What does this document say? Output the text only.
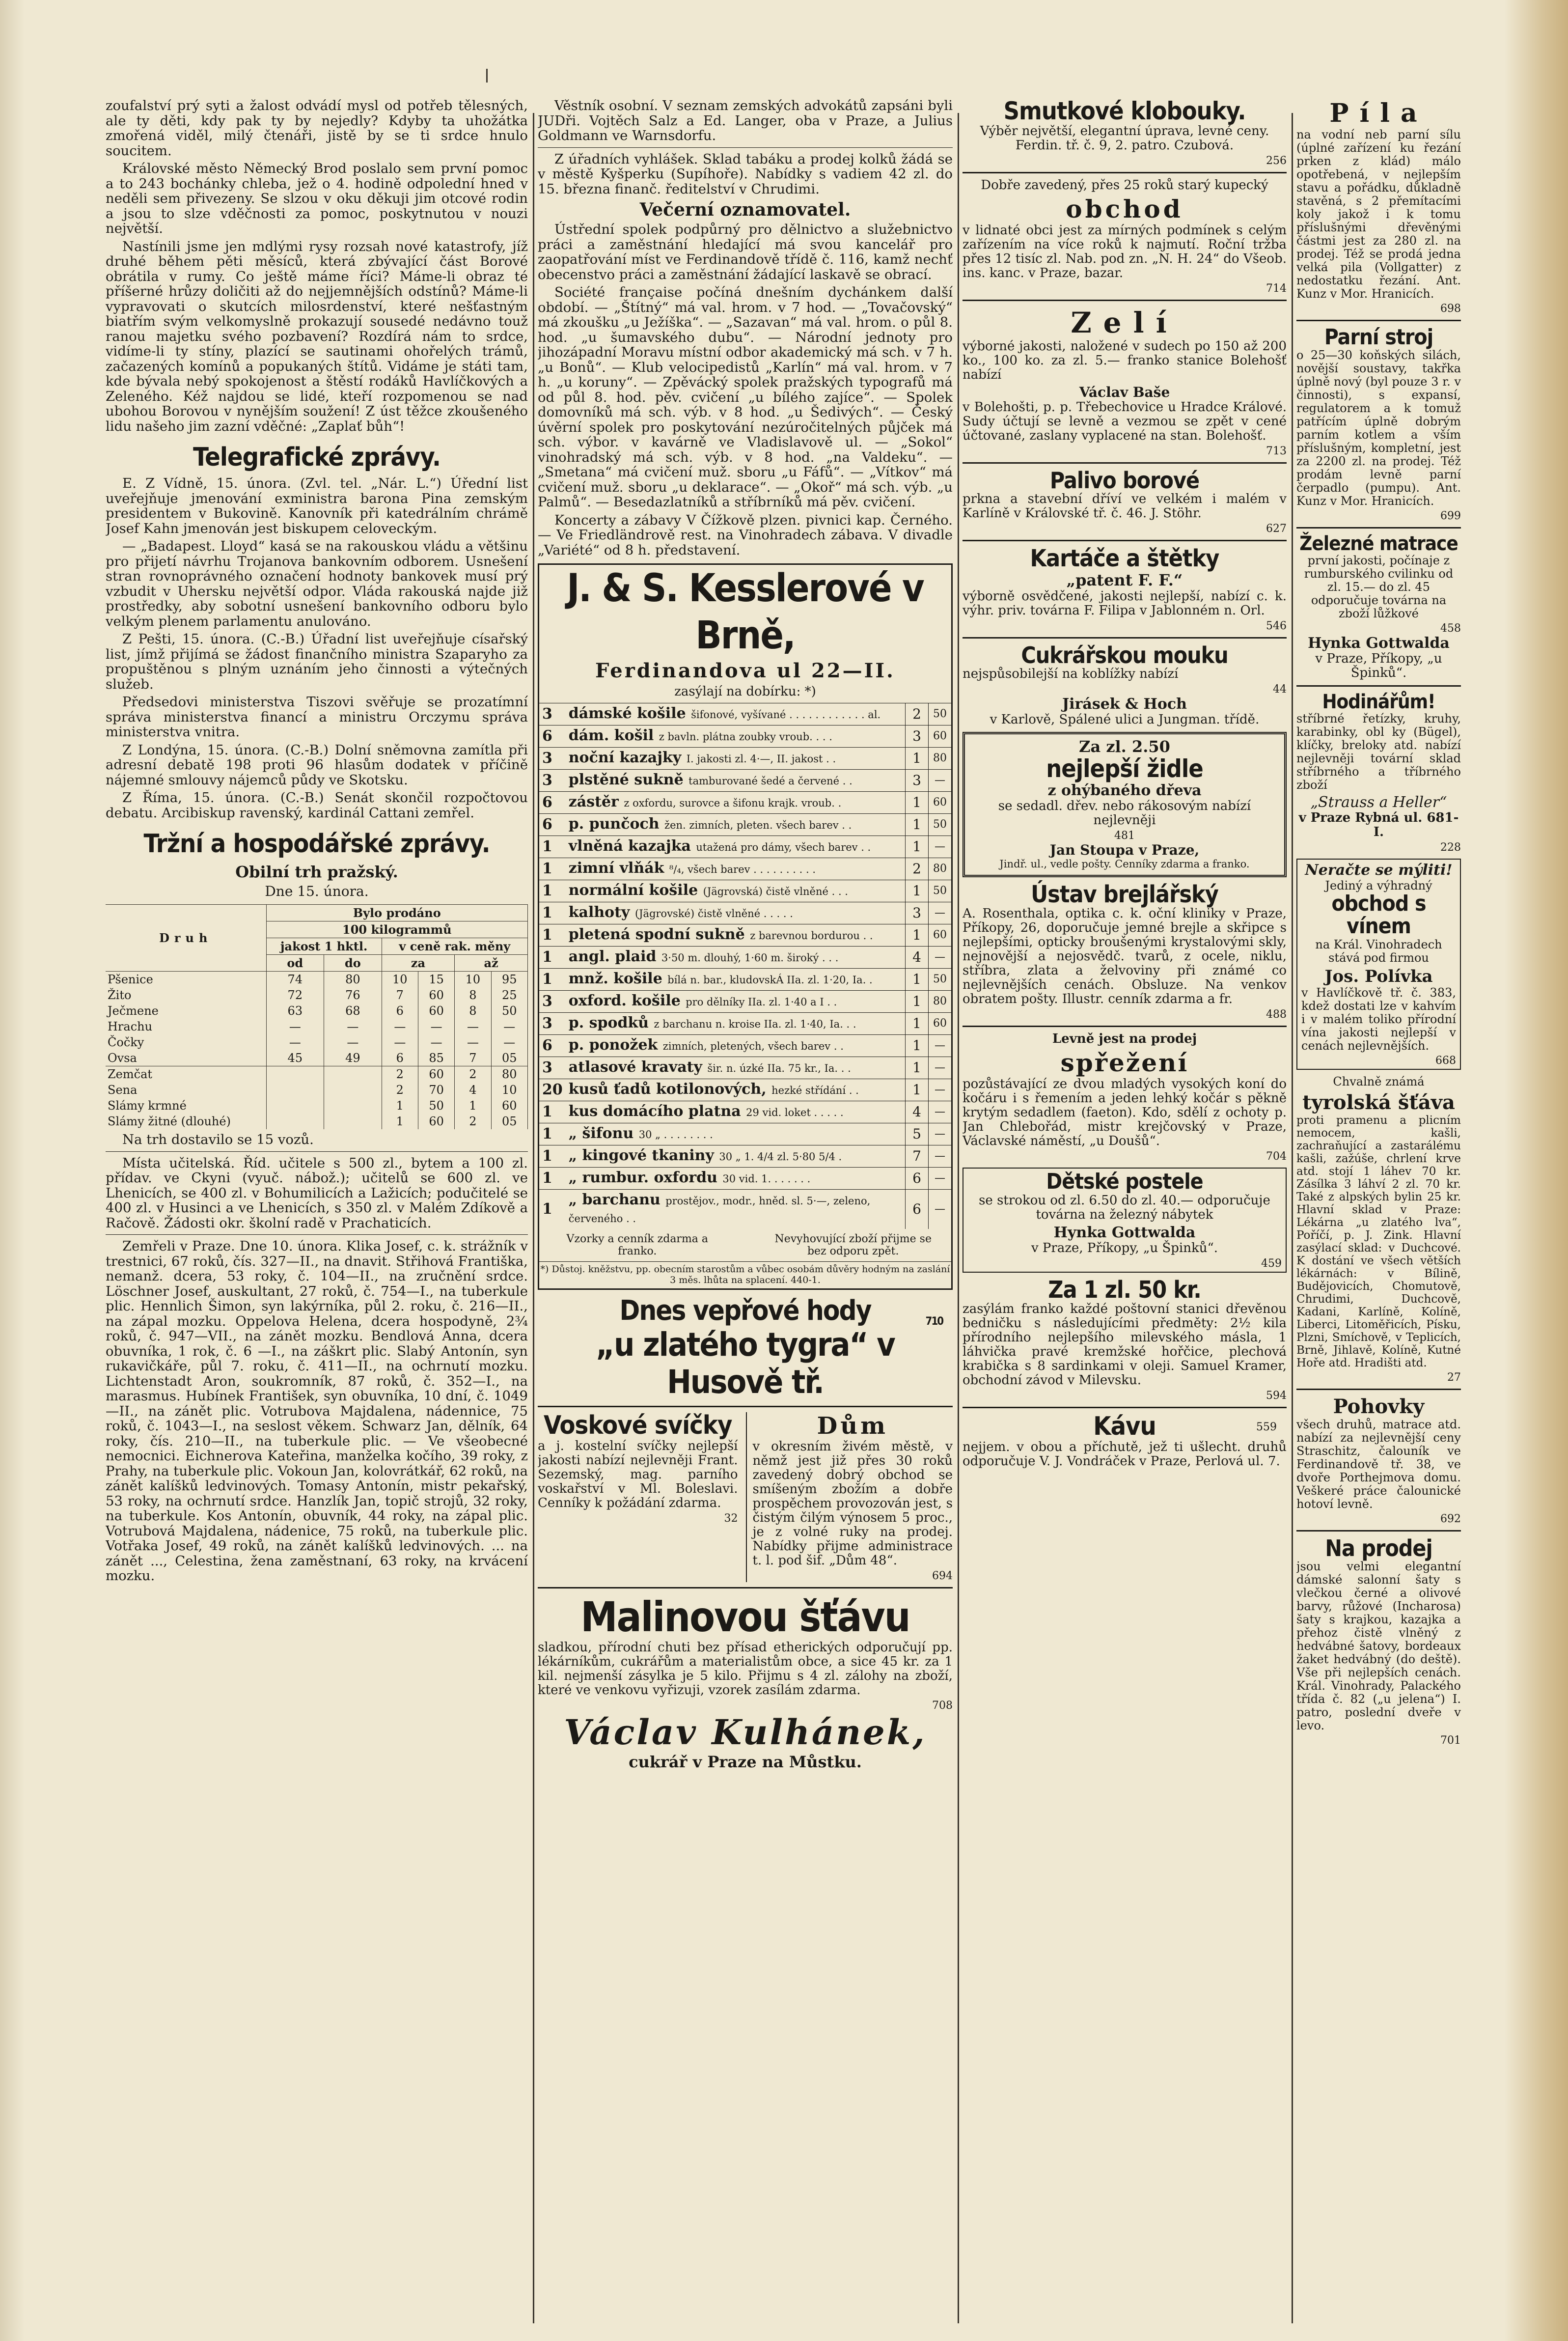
zoufalství prý syti a žalost odvádí mysl od potřeb tělesných, ale ty děti, kdy pak ty by nejedly? Kdyby ta uhožátka zmořená viděl, milý čtenáři, jistě by se ti srdce hnulo soucitem.

Královské město Německý Brod poslalo sem první pomoc a to 243 bochánky chleba, jež o 4. hodině odpolední hned v neděli sem přivezeny. Se slzou v oku děkuji jim otcové rodin a jsou to slze vděčnosti za pomoc, poskytnutou v nouzi největší.

Nastínili jsme jen mdlými rysy rozsah nové katastrofy, jíž druhé během pěti měsíců, která zbývající část Borové obrátila v rumy. Co ještě máme říci? Máme-li obraz té příšerné hrůzy doličiti až do nejjemnějších odstínů? Máme-li vypravovati o skutcích milosrdenství, které nešťastným biatřím svým velkomyslně prokazují sousedé nedávno touž ranou majetku svého pozbavení? Rozdírá nám to srdce, vidíme-li ty stíny, plazící se sautinami ohořelých trámů, začazených komínů a popukaných štítů. Vidáme je státi tam, kde bývala nebý spokojenost a štěstí rodáků Havlíčkových a Zeleného. Kéž najdou se lidé, kteří rozpomenou se nad ubohou Borovou v nynějším soužení! Z úst těžce zkoušeného lidu našeho jim zazní vděčné: „Zaplať bůh“!

Telegrafické zprávy.

E. Z Vídně, 15. února. (Zvl. tel. „Nár. L.“) Úřední list uveřejňuje jmenování exministra barona Pina zemským presidentem v Bukovině. Kanovník při katedrálním chrámě Josef Kahn jmenován jest biskupem celoveckým.

— „Badapest. Lloyd“ kasá se na rakouskou vládu a většinu pro přijetí návrhu Trojanova bankovním odborem. Usnešení stran rovnoprávného označení hodnoty bankovek musí prý vzbudit v Uhersku největší odpor. Vláda rakouská najde již prostředky, aby sobotní usnešení bankovního odboru bylo velkým plenem parlamentu anulováno.

Z Pešti, 15. února. (C.-B.) Úřadní list uveřejňuje císařský list, jímž přijímá se žádost finančního ministra Szaparyho za propuštěnou s plným uznáním jeho činnosti a výtečných služeb.

Předsedovi ministerstva Tiszovi svěřuje se prozatímní správa ministerstva financí a ministru Orczymu správa ministerstva vnitra.

Z Londýna, 15. února. (C.-B.) Dolní sněmovna zamítla při adresní debatě 198 proti 96 hlasům dodatek v příčině nájemné smlouvy nájemců půdy ve Skotsku.

Z Říma, 15. února. (C.-B.) Senát skončil rozpočtovou debatu. Arcibiskup ravenský, kardinál Cattani zemřel.

Tržní a hospodářské zprávy.
Obilní trh pražský.
Dne 15. února.
Druh	Bylo prodáno					
	100 kilogrammů					
	jakost 1 hktl.		v ceně rak. měny			
	od	do	za		až	
Pšenice	74	80	10	15	10	95
Žito	72	76	7	60	8	25
Ječmene	63	68	6	60	8	50
Hrachu	—	—	—	—	—	—
Čočky	—	—	—	—	—	—
Ovsa	45	49	6	85	7	05
Zemčat			2	60	2	80
Sena			2	70	4	10
Slámy krmné			1	50	1	60
Slámy žitné (dlouhé)			1	60	2	05

Na trh dostavilo se 15 vozů.

Místa učitelská. Říd. učitele s 500 zl., bytem a 100 zl. přídav. ve Ckyni (vyuč. nábož.); učitelů se 600 zl. ve Lhenicích, se 400 zl. v Bohumilicích a Lažicích; podučitelé se 400 zl. v Husinci a ve Lhenicích, s 350 zl. v Malém Zdíkově a Račově. Žádosti okr. školní radě v Prachaticích.

Zemřeli v Praze. Dne 10. února. Klika Josef, c. k. strážník v trestnici, 67 roků, čís. 327—II., na dnavit. Střihová Františka, nemanž. dcera, 53 roky, č. 104—II., na zručnění srdce. Löschner Josef, auskultant, 27 roků, č. 754—I., na tuberkule plic. Hennlich Šimon, syn lakýrníka, půl 2. roku, č. 216—II., na zápal mozku. Oppelova Helena, dcera hospodyně, 2¾ roků, č. 947—VII., na zánět mozku. Bendlová Anna, dcera obuvníka, 1 rok, č. 6 —I., na záškrt plic. Slabý Antonín, syn rukavičkáře, půl 7. roku, č. 411—II., na ochrnutí mozku. Lichtenstadt Aron, soukromník, 87 roků, č. 352—I., na marasmus. Hubínek František, syn obuvníka, 10 dní, č. 1049—II., na zánět plic. Votrubova Majdalena, nádennice, 75 roků, č. 1043—I., na seslost věkem. Schwarz Jan, dělník, 64 roky, čís. 210—II., na tuberkule plic. — Ve všeobecné nemocnici. Eichnerova Kateřina, manželka kočího, 39 roky, z Prahy, na tuberkule plic. Vokoun Jan, kolovrátkář, 62 roků, na zánět kalíšků ledvinových. Tomasy Antonín, mistr pekařský, 53 roky, na ochrnutí srdce. Hanzlík Jan, topič strojů, 32 roky, na tuberkule. Kos Antonín, obuvník, 44 roky, na zápal plic. Votrubová Majdalena, nádenice, 75 roků, na tuberkule plic. Votřaka Josef, 49 roků, na zánět kalíšků ledvinových. ... na zánět ..., Celestina, žena zaměstnaní, 63 roky, na krvácení mozku.

Věstník osobní. V seznam zemských advokátů zapsáni byli JUDři. Vojtěch Salz a Ed. Langer, oba v Praze, a Julius Goldmann ve Warnsdorfu.

Z úřadních vyhlášek. Sklad tabáku a prodej kolků žádá se v městě Kyšperku (Supíhoře). Nabídky s vadiem 42 zl. do 15. března finanč. ředitelství v Chrudimi.

Večerní oznamovatel.

Ústřední spolek podpůrný pro dělnictvo a služebnictvo práci a zaměstnání hledající má svou kancelář pro zaopatřování míst ve Ferdinandově třídě č. 116, kamž nechť obecenstvo práci a zaměstnání žádající laskavě se obrací.

Société française počíná dnešním dychánkem další období. — „Štítný“ má val. hrom. v 7 hod. — „Tovačovský“ má zkoušku „u Ježíška“. — „Sazavan“ má val. hrom. o půl 8. hod. „u šumavského dubu“. — Národní jednoty pro jihozápadní Moravu místní odbor akademický má sch. v 7 h. „u Bonů“. — Klub velocipedistů „Karlín“ má val. hrom. v 7 h. „u koruny“. — Zpěvácký spolek pražských typografů má od půl 8. hod. pěv. cvičení „u bílého zajíce“. — Spolek domovníků má sch. výb. v 8 hod. „u Šedivých“. — Český úvěrní spolek pro poskytování nezúročitelných půjček má sch. výbor. v kavárně ve Vladislavově ul. — „Sokol“ vinohradský má sch. výb. v 8 hod. „na Valdeku“. — „Smetana“ má cvičení muž. sboru „u Fáfů“. — „Vítkov“ má cvičení muž. sboru „u deklarace“. — „Okoř“ má sch. výb. „u Palmů“. — Besedazlatníků a stříbrníků má pěv. cvičení.

Koncerty a zábavy V Čížkově plzen. pivnici kap. Černého. — Ve Friedländrově rest. na Vinohradech zábava. V divadle „Variété“ od 8 h. představení.

J. & S. Kesslerové v Brně,
Ferdinandova ul 22—II.
zasýlají na dobírku: *)
3	dámské košile šifonové, vyšívané . . . . . . . . . . . . al.	2	50
6	dám. košil z bavln. plátna zoubky vroub. . . .	3	60
3	noční kazajky I. jakosti zl. 4·—, II. jakost . .	1	80
3	plstěné sukně tamburované šedé a červené . .	3	—
6	zástěr z oxfordu, surovce a šifonu krajk. vroub. .	1	60
6	p. punčoch žen. zimních, pleten. všech barev . .	1	50
1	vlněná kazajka utažená pro dámy, všech barev . .	1	—
1	zimní vlňák ⁸/₄, všech barev . . . . . . . . . .	2	80
1	normální košile (Jägrovská) čistě vlněné . . .	1	50
1	kalhoty (Jägrovské) čistě vlněné . . . . .	3	—
1	pletená spodní sukně z barevnou bordurou . .	1	60
1	angl. plaid 3·50 m. dlouhý, 1·60 m. široký . . .	4	—
1	mnž. košile bílá n. bar., kludovskÁ IIa. zl. 1·20, Ia. .	1	50
3	oxford. košile pro dělníky IIa. zl. 1·40 a I . .	1	80
3	p. spodků z barchanu n. kroise IIa. zl. 1·40, Ia. . .	1	60
6	p. ponožek zimních, pletených, všech barev . .	1	—
3	atlasové kravaty šir. n. úzké IIa. 75 kr., Ia. . .	1	—
20	kusů ťadů kotilonových, hezké střídání . .	1	—
1	kus domácího platna 29 vid. loket . . . . .	4	—
1	„ šifonu 30 „ . . . . . . . .	5	—
1	„ kingové tkaniny 30 „ 1. 4/4 zl. 5·80 5/4 .	7	—
1	„ rumbur. oxfordu 30 vid. 1. . . . . . .	6	—
1	„ barchanu prostějov., modr., hněd. sl. 5·—, zeleno, červeného . .	6	—
Vzorky a cenník zdarma a franko.
Nevyhovující zboží přijme se bez odporu zpět.
*) Důstoj. kněžstvu, pp. obecním starostům a vůbec osobám důvěry hodným na zaslání 3 měs. lhůta na splacení. 440-1.
Dnes vepřové hody	710
„u zlatého tygra“ v Husově tř.
Voskové svíčky

a j. kostelní svíčky nejlepší jakosti nabízí nejlevněji Frant. Sezemský, mag. parního voskařství v Ml. Boleslavi. Cenníky k požádání zdarma.

32
Dům

v okresním živém městě, v němž jest již přes 30 roků zavedený dobrý obchod se smíšeným zbožím a dobře prospěchem provozován jest, s čistým čilým výnosem 5 proc., je z volné ruky na prodej. Nabídky přijme administrace t. l. pod šif. „Dům 48“.

694
Malinovou šťávu

sladkou, přírodní chuti bez přísad etherických odporučují pp. lékárníkům, cukrářům a materialistům obce, a sice 45 kr. za 1 kil. nejmenší zásylka je 5 kilo. Přijmu s 4 zl. zálohy na zboží, které ve venkovu vyřizuji, vzorek zasílám zdarma.

708
Václav Kulhánek,
cukrář v Praze na Můstku.
Smutkové klobouky.

Výběr největší, elegantní úprava, levné ceny. Ferdin. tř. č. 9, 2. patro. Czubová.

256

Dobře zavedený, přes 25 roků starý kupecký

obchod

v lidnaté obci jest za mírných podmínek s celým zařízením na více roků k najmutí. Roční tržba přes 12 tisíc zl. Nab. pod zn. „N. H. 24“ do Všeob. ins. kanc. v Praze, bazar.

714
Zelí

výborné jakosti, naložené v sudech po 150 až 200 ko., 100 ko. za zl. 5.— franko stanice Bolehošť nabízí

Václav Baše

v Bolehošti, p. p. Třebechovice u Hradce Králové. Sudy účtují se levně a vezmou se zpět v cené účtované, zaslany vyplacené na stan. Bolehošť.

713
Palivo borové

prkna a stavební dříví ve velkém i malém v Karlíně v Královské tř. č. 46. J. Stöhr.

627
Kartáče a štětky
„patent F. F.“

výborně osvědčené, jakosti nejlepší, nabízí c. k. výhr. priv. továrna F. Filipa v Jablonném n. Orl.

546
Cukrářskou mouku

nejspůsobilejší na koblížky nabízí

44
Jirásek & Hoch

v Karlově, Spálené ulici a Jungman. třídě.

Za zl. 2.50
nejlepší židle
z ohýbaného dřeva

se sedadl. dřev. nebo rákosovým nabízí nejlevněji

481
Jan Stoupa v Praze,

Jindř. ul., vedle pošty. Cenníky zdarma a franko.

Ústav brejlářský

A. Rosenthala, optika c. k. oční kliniky v Praze, Příkopy, 26, doporučuje jemné brejle a skřipce s nejlepšími, opticky broušenými krystalovými skly, nejnovější a nejosvědč. tvarů, z ocele, niklu, stříbra, zlata a želvoviny při známé co nejlevnějších cenách. Obsluze. Na venkov obratem pošty. Illustr. cenník zdarma a fr.

488

Levně jest na prodej

spřežení

pozůstávající ze dvou mladých vysokých koní do kočáru i s řemením a jeden lehký kočár s pěkně krytým sedadlem (faeton). Kdo, sdělí z ochoty p. Jan Chlebořád, mistr krejčovský v Praze, Václavské náměstí, „u Doušů“.

704
Dětské postele

se strokou od zl. 6.50 do zl. 40.— odporučuje továrna na železný nábytek

Hynka Gottwalda

v Praze, Příkopy, „u Špinků“.

459
Za 1 zl. 50 kr.

zasýlám franko každé poštovní stanici dřevěnou bedničku s následujícími předměty: 2½ kila přírodního nejlepšího milevského másla, 1 láhvička pravé kremžské hořčice, plechová krabička s 8 sardinkami v oleji. Samuel Kramer, obchodní závod v Milevsku.

594
Kávu	559

nejjem. v obou a příchutě, jež ti ušlecht. druhů odporučuje V. J. Vondráček v Praze, Perlová ul. 7.

Píla

na vodní neb parní sílu (úplné zařízení ku řezání prken z klád) málo opotřebená, v nejlepším stavu a pořádku, důkladně stavěná, s 2 přemítacími koly jakož i k tomu příslušnými dřevěnými částmi jest za 280 zl. na prodej. Též se prodá jedna velká pila (Vollgatter) z nedostatku řezání. Ant. Kunz v Mor. Hranicích.

698
Parní stroj

o 25—30 koňských silách, novější soustavy, takřka úplně nový (byl pouze 3 r. v činnosti), s expansí, regulatorem a k tomuž patřícím úplně dobrým parním kotlem a vším příslušným, kompletní, jest za 2200 zl. na prodej. Též prodám levně parní čerpadlo (pumpu). Ant. Kunz v Mor. Hranicích.

699
Železné matrace

první jakosti, počínaje z rumburského cvilinku od zl. 15.— do zl. 45 odporučuje továrna na zboží lůžkové

458
Hynka Gottwalda

v Praze, Příkopy, „u Špinků“.

Hodinářům!

stříbrné řetízky, kruhy, karabinky, obl ky (Bügel), klíčky, breloky atd. nabízí nejlevněji tovární sklad stříbrného a tříbrného zboží

„Strauss a Heller“

v Praze Rybná ul. 681-I.

228
Neračte se mýliti!
Jediný a výhradný
obchod s vínem

na Král. Vinohradech stává pod firmou

Jos. Polívka

v Havlíčkově tř. č. 383, kdež dostati lze v kahvím i v malém toliko přírodní vína jakosti nejlepší v cenách nejlevnějších.

668

Chvalně známá

tyrolská šťáva

proti pramenu a plicním nemocem, kašli, zachraňující a zastarálému kašli, zažúše, chrlení krve atd. stojí 1 láhev 70 kr. Zásílka 3 láhví 2 zl. 70 kr. Také z alpských bylin 25 kr. Hlavní sklad v Praze: Lékárna „u zlatého lva“, Poříčí, p. J. Zink. Hlavní zasýlací sklad: v Duchcové. K dostání ve všech větších lékárnách: v Bílině, Budějovicích, Chomutově, Chrudimi, Duchcově, Kadani, Karlíně, Kolíně, Liberci, Litoměřicích, Písku, Plzni, Smíchově, v Teplicích, Brně, Jihlavě, Kolíně, Kutné Hoře atd. Hradišti atd.

27
Pohovky

všech druhů, matrace atd. nabízí za nejlevnější ceny Straschitz, čalouník ve Ferdinandově tř. 38, ve dvoře Porthejmova domu. Veškeré práce čalounické hotoví levně.

692
Na prodej

jsou velmi elegantní dámské salonní šaty s vlečkou černé a olivové barvy, růžové (Incharosa) šaty s krajkou, kazajka a přehoz čistě vlněný z hedvábné šatovy, bordeaux žaket hedvábný (do deště). Vše při nejlepších cenách. Král. Vinohrady, Palackého třída č. 82 („u jelena“) I. patro, poslední dveře v levo.

701
